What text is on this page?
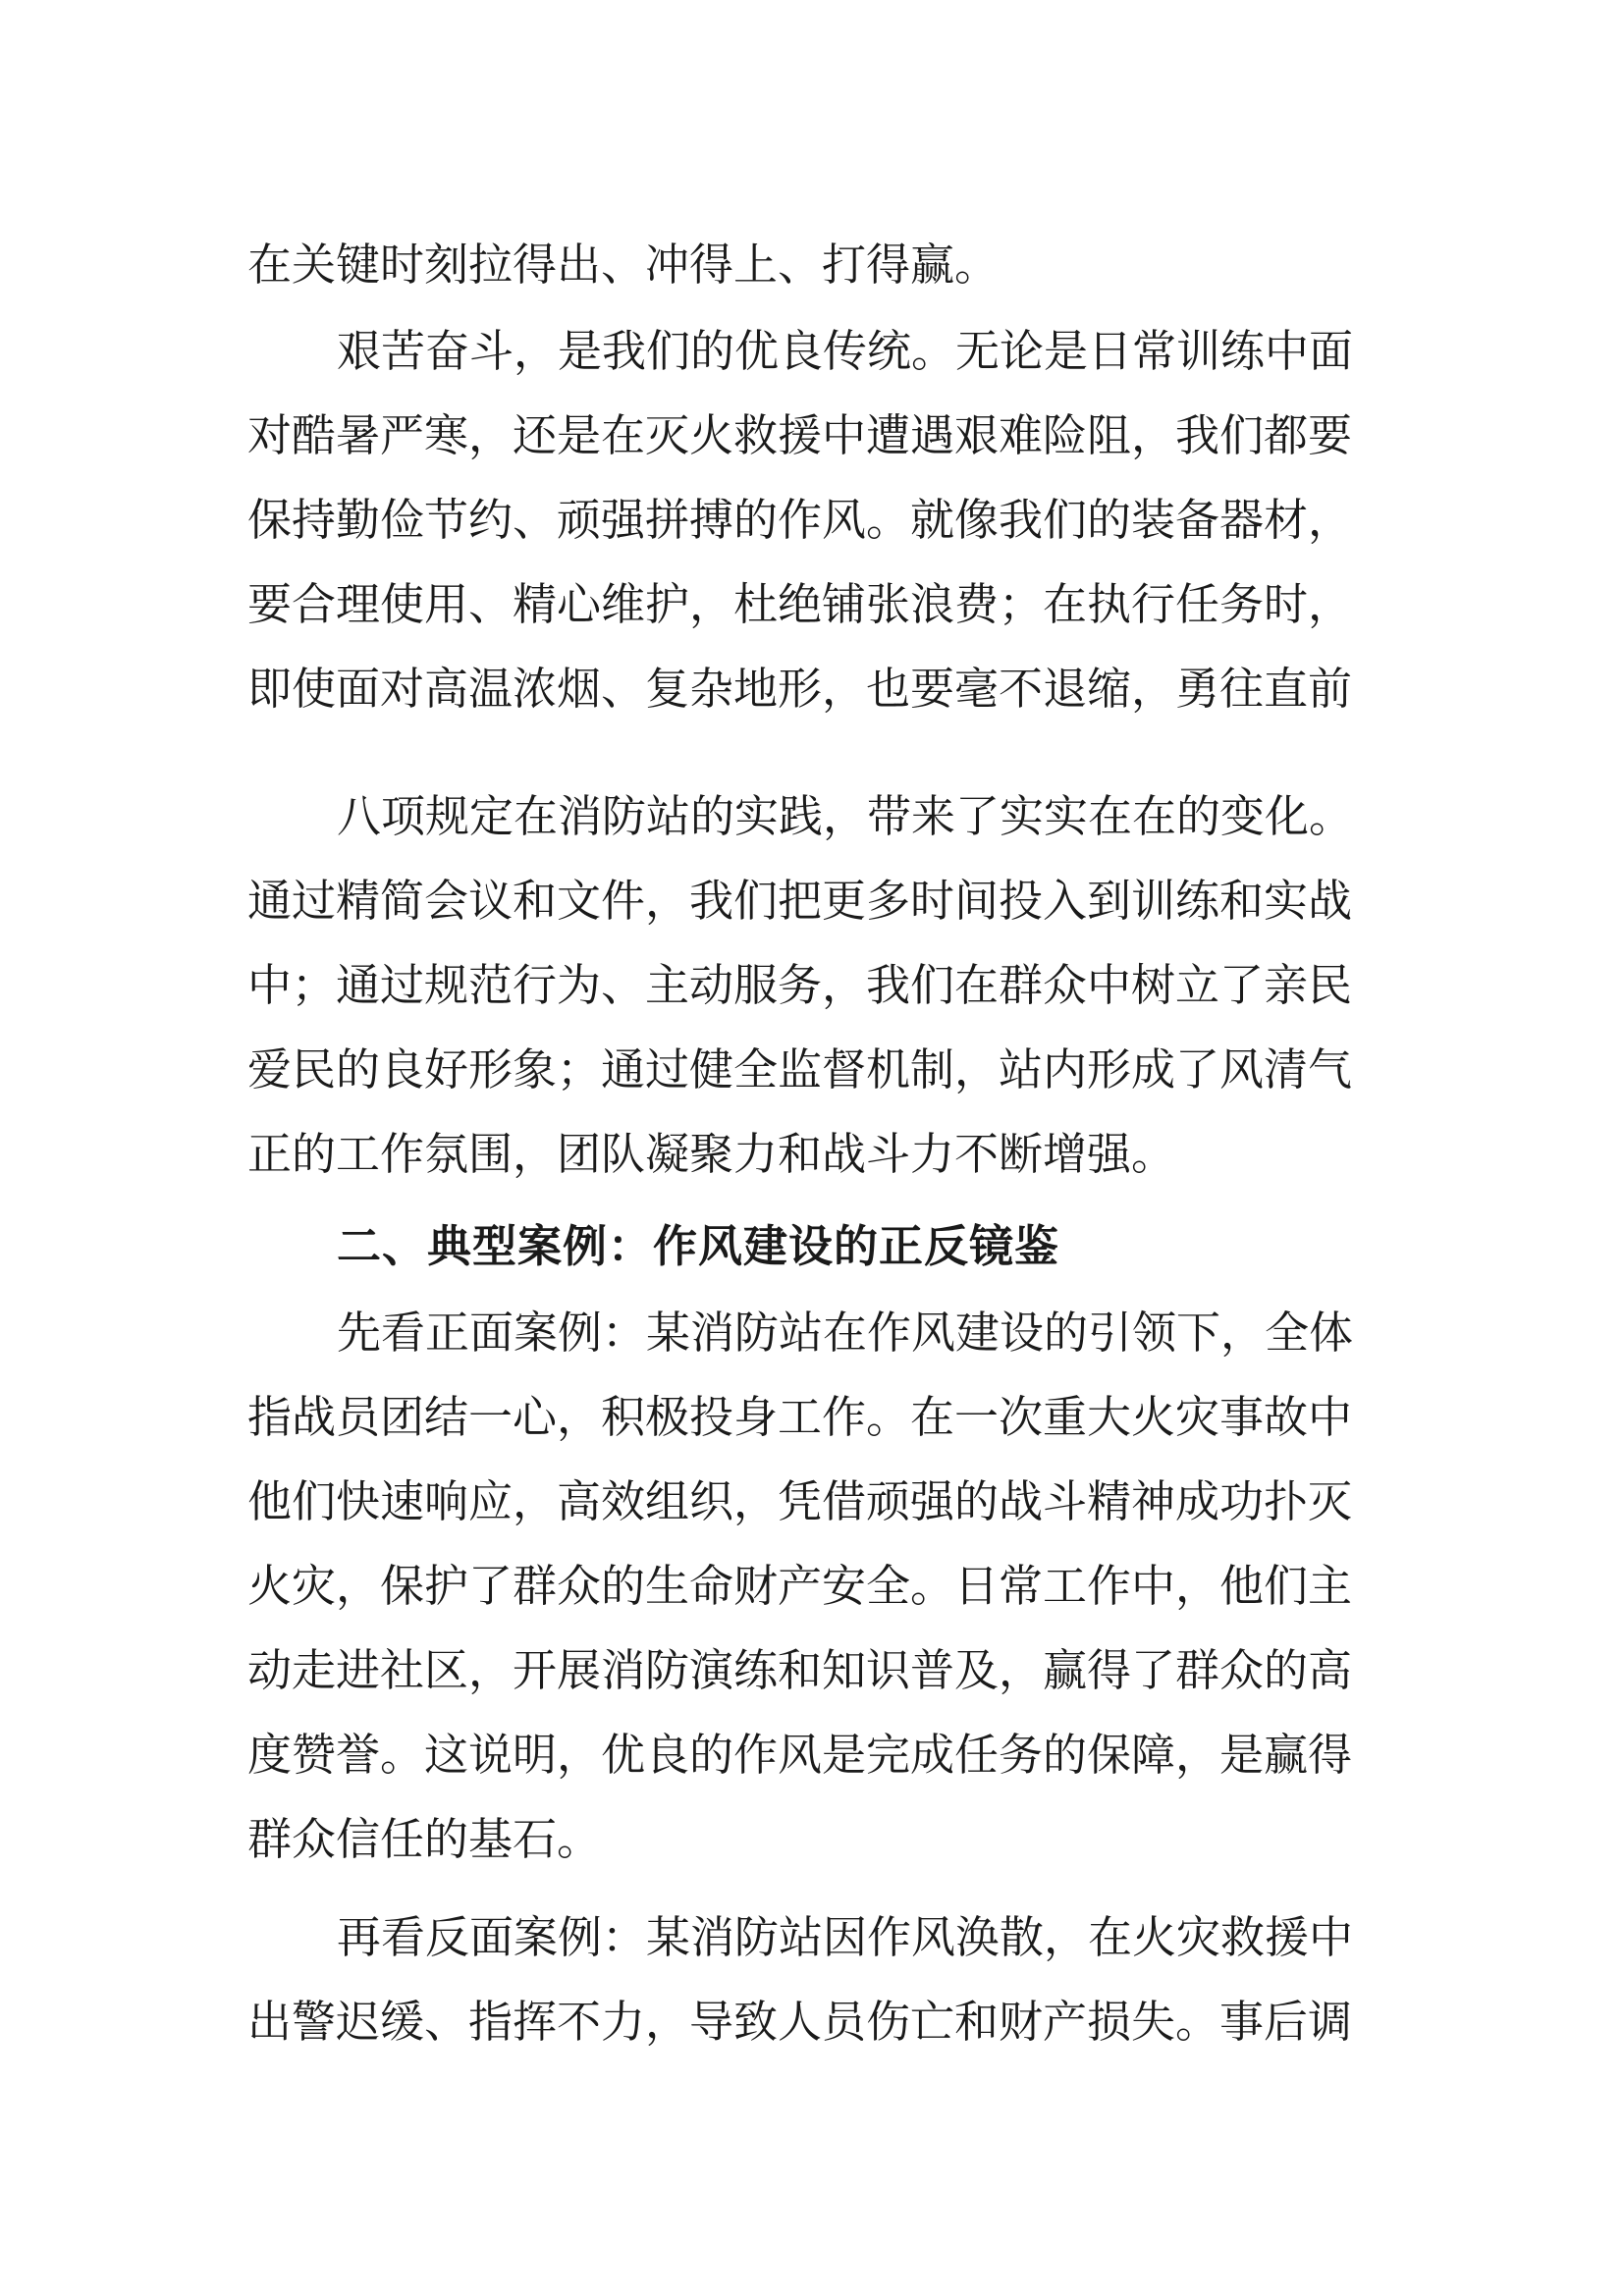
在关键时刻拉得出、冲得上、打得赢。
艰苦奋斗，是我们的优良传统。无论是日常训练中面
对酷暑严寒，还是在灭火救援中遭遇艰难险阻，我们都要
保持勤俭节约、顽强拼搏的作风。就像我们的装备器材，
要合理使用、精心维护，杜绝铺张浪费；在执行任务时，
即使面对高温浓烟、复杂地形，也要毫不退缩，勇往直前
八项规定在消防站的实践，带来了实实在在的变化。
通过精简会议和文件，我们把更多时间投入到训练和实战
中；通过规范行为、主动服务，我们在群众中树立了亲民
爱民的良好形象；通过健全监督机制，站内形成了风清气
正的工作氛围，团队凝聚力和战斗力不断增强。
二、典型案例：作风建设的正反镜鉴
先看正面案例：某消防站在作风建设的引领下，全体
指战员团结一心，积极投身工作。在一次重大火灾事故中
他们快速响应，高效组织，凭借顽强的战斗精神成功扑灭
火灾，保护了群众的生命财产安全。日常工作中，他们主
动走进社区，开展消防演练和知识普及，赢得了群众的高
度赞誉。这说明，优良的作风是完成任务的保障，是赢得
群众信任的基石。
再看反面案例：某消防站因作风涣散，在火灾救援中
出警迟缓、指挥不力，导致人员伤亡和财产损失。事后调
